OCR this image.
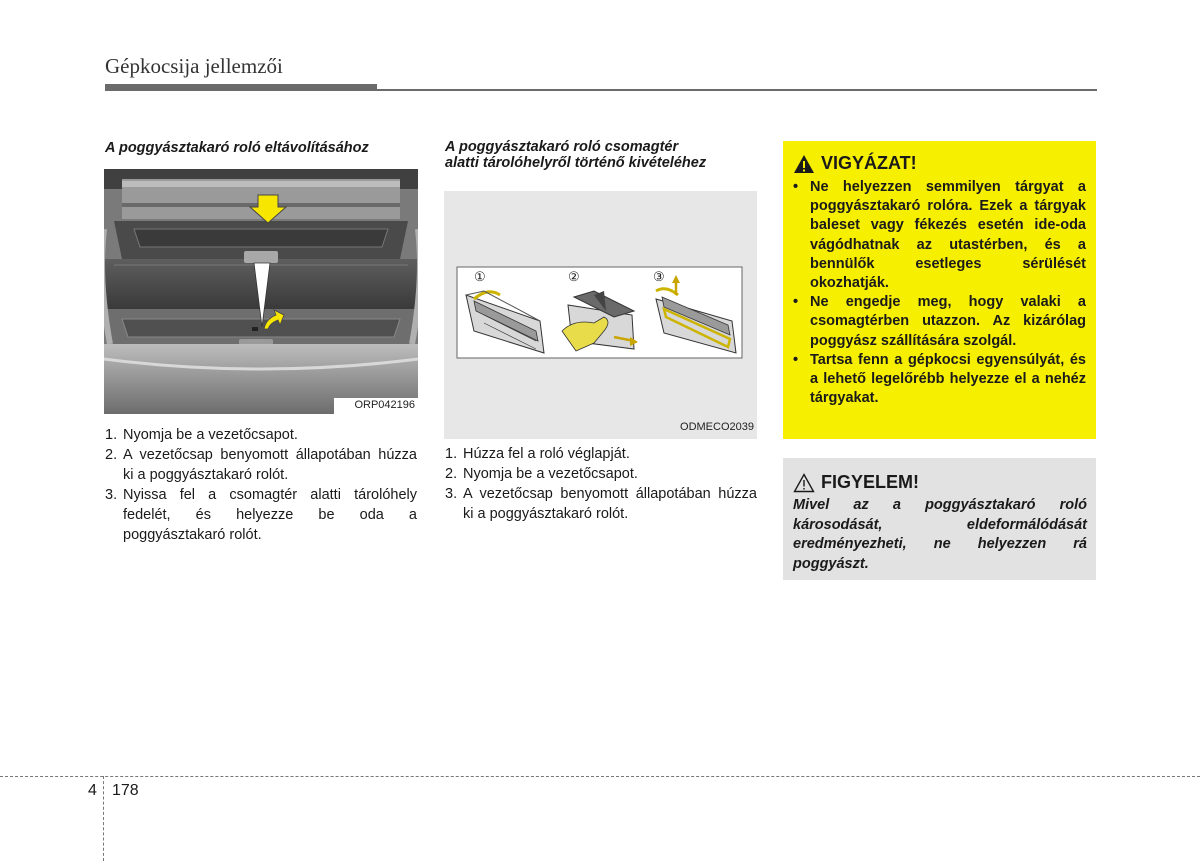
Gépkocsija jellemzői
A poggyásztakaró roló eltávolításához
ORP042196
1. Nyomja be a vezetőcsapot.
2. A vezetőcsap benyomott állapotában húzza ki a poggyásztakaró rolót.
3. Nyissa fel a csomagtér alatti tárolóhely fedelét, és helyezze be oda a poggyásztakaró rolót.
A poggyásztakaró roló csomagtér
alatti tárolóhelyről történő kivételéhez
①	②	③
ODMECO2039
1. Húzza fel a roló véglapját.
2. Nyomja be a vezetőcsapot.
3. A vezetőcsap benyomott állapotában húzza ki a poggyásztakaró rolót.
VIGYÁZAT!
• Ne helyezzen semmilyen tárgyat a poggyásztakaró rolóra. Ezek a tárgyak baleset vagy fékezés esetén ide-oda vágódhatnak az utastérben, és a bennülők esetleges sérülését okozhatják.
• Ne engedje meg, hogy valaki a csomagtérben utazzon. Az kizárólag poggyász szállítására szolgál.
• Tartsa fenn a gépkocsi egyensúlyát, és a lehető legelőrébb helyezze el a nehéz tárgyakat.
FIGYELEM!
Mivel az a poggyásztakaró roló károsodását, eldeformálódását eredményezheti, ne helyezzen rá poggyászt.
4 178
